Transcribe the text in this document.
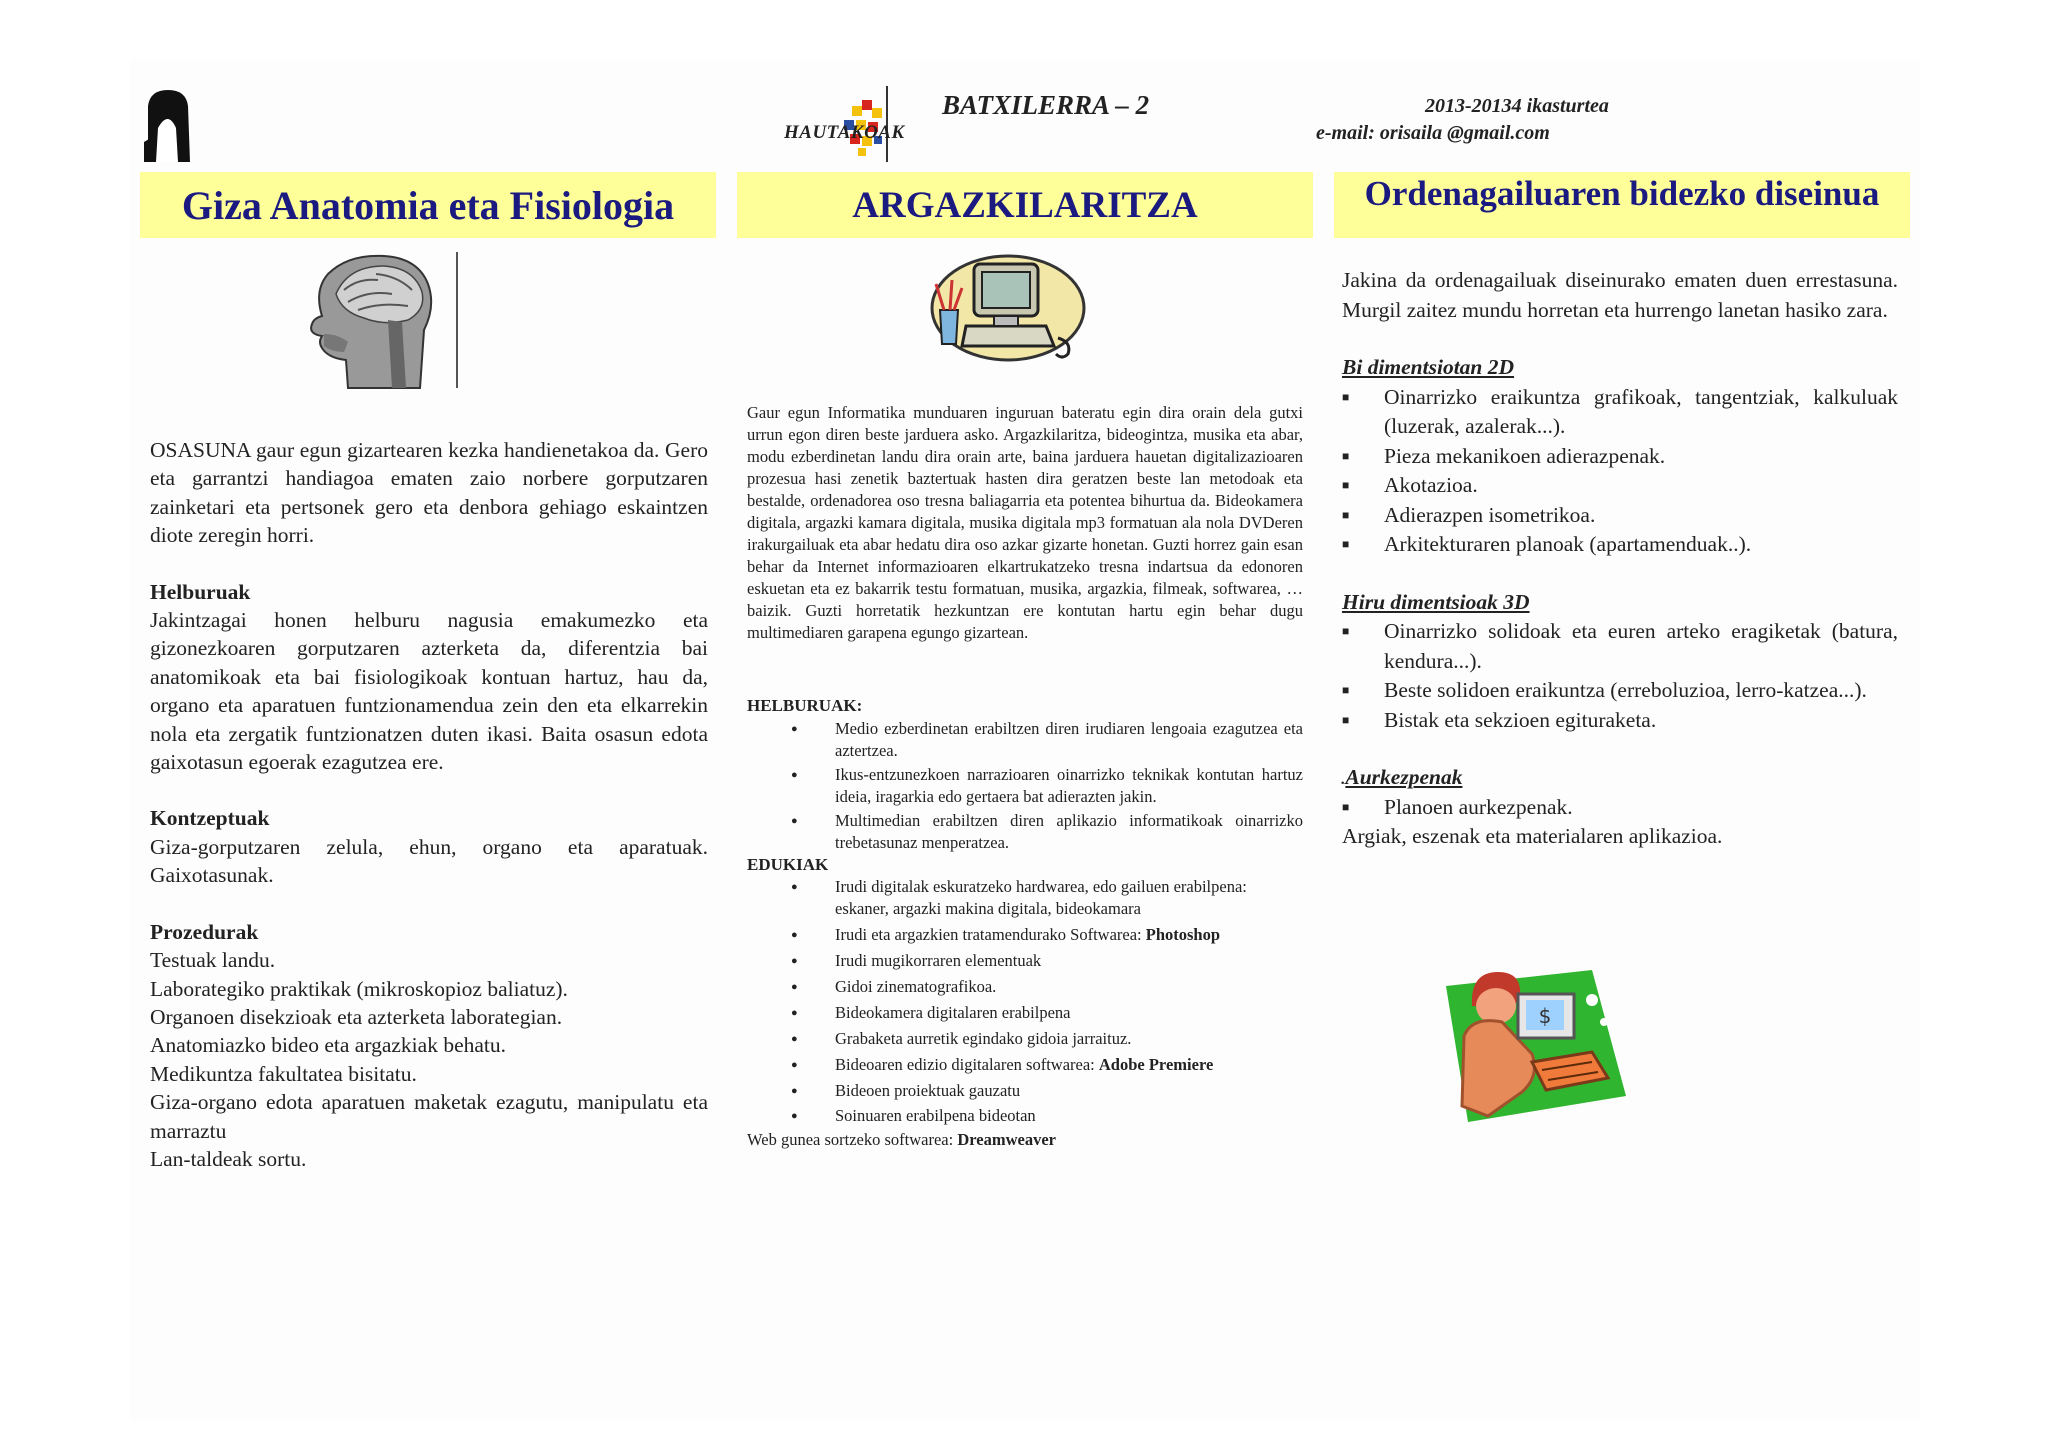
BATXILERRA – 2
HAUTAKOAK
2013-20134 ikasturtea
e-mail: orisaila @gmail.com
Giza Anatomia eta Fisiologia	ARGAZKILARITZA	Ordenagailuaren bidezko diseinua

OSASUNA gaur egun gizartearen kezka handienetakoa da. Gero eta garrantzi handiagoa ematen zaio norbere gorputzaren zainketari eta pertsonek gero eta denbora gehiago eskaintzen diote zeregin horri.

Helburuak

Jakintzagai honen helburu nagusia emakumezko eta gizonezkoaren gorputzaren azterketa da, diferentzia bai anatomikoak eta bai fisiologikoak kontuan hartuz, hau da, organo eta aparatuen funtzionamendua zein den eta elkarrekin nola eta zergatik funtzionatzen duten ikasi. Baita osasun edota gaixotasun egoerak ezagutzea ere.

Kontzeptuak

Giza-gorputzaren zelula, ehun, organo eta aparatuak. Gaixotasunak.

Prozedurak

Testuak landu.

Laborategiko praktikak (mikroskopioz baliatuz).

Organoen disekzioak eta azterketa laborategian.

Anatomiazko bideo eta argazkiak behatu.

Medikuntza fakultatea bisitatu.

Giza-organo edota aparatuen maketak ezagutu, manipulatu eta marraztu

Lan-taldeak sortu.

Gaur egun Informatika munduaren inguruan bateratu egin dira orain dela gutxi urrun egon diren beste jarduera asko. Argazkilaritza, bideogintza, musika eta abar, modu ezberdinetan landu dira orain arte, baina jarduera hauetan digitalizazioaren prozesua hasi zenetik baztertuak hasten dira geratzen beste lan metodoak eta bestalde, ordenadorea oso tresna baliagarria eta potentea bihurtua da. Bideokamera digitala, argazki kamara digitala, musika digitala mp3 formatuan ala nola DVDeren irakurgailuak eta abar hedatu dira oso azkar gizarte honetan. Guzti horrez gain esan behar da Internet informazioaren elkartrukatzeko tresna indartsua da edonoren eskuetan eta ez bakarrik testu formatuan, musika, argazkia, filmeak, softwarea, … baizik. Guzti horretatik hezkuntzan ere kontutan hartu egin behar dugu multimediaren garapena egungo gizartean.

HELBURUAK:

● Medio ezberdinetan erabiltzen diren irudiaren lengoaia ezagutzea eta aztertzea.
● Ikus-entzunezkoen narrazioaren oinarrizko teknikak kontutan hartuz ideia, iragarkia edo gertaera bat adierazten jakin.
● Multimedian erabiltzen diren aplikazio informatikoak oinarrizko trebetasunaz menperatzea.

EDUKIAK

● Irudi digitalak eskuratzeko hardwarea, edo gailuen erabilpena: eskaner, argazki makina digitala, bideokamara
● Irudi eta argazkien tratamendurako Softwarea: Photoshop
● Irudi mugikorraren elementuak
● Gidoi zinematografikoa.
● Bideokamera digitalaren erabilpena
● Grabaketa aurretik egindako gidoia jarraituz.
● Bideoaren edizio digitalaren softwarea: Adobe Premiere
● Bideoen proiektuak gauzatu
● Soinuaren erabilpena bideotan

Web gunea sortzeko softwarea: Dreamweaver

Jakina da ordenagailuak diseinurako ematen duen errestasuna. Murgil zaitez mundu horretan eta hurrengo lanetan hasiko zara.

Bi dimentsiotan 2D

■ Oinarrizko eraikuntza grafikoak, tangentziak, kalkuluak (luzerak, azalerak...).
■ Pieza mekanikoen adierazpenak.
■ Akotazioa.
■ Adierazpen isometrikoa.
■ Arkitekturaren planoak (apartamenduak..).

Hiru dimentsioak 3D

■ Oinarrizko solidoak eta euren arteko eragiketak (batura, kendura...).
■ Beste solidoen eraikuntza (erreboluzioa, lerro-katzea...).
■ Bistak eta sekzioen egituraketa.

.Aurkezpenak

■ Planoen aurkezpenak.

Argiak, eszenak eta materialaren aplikazioa.

$
